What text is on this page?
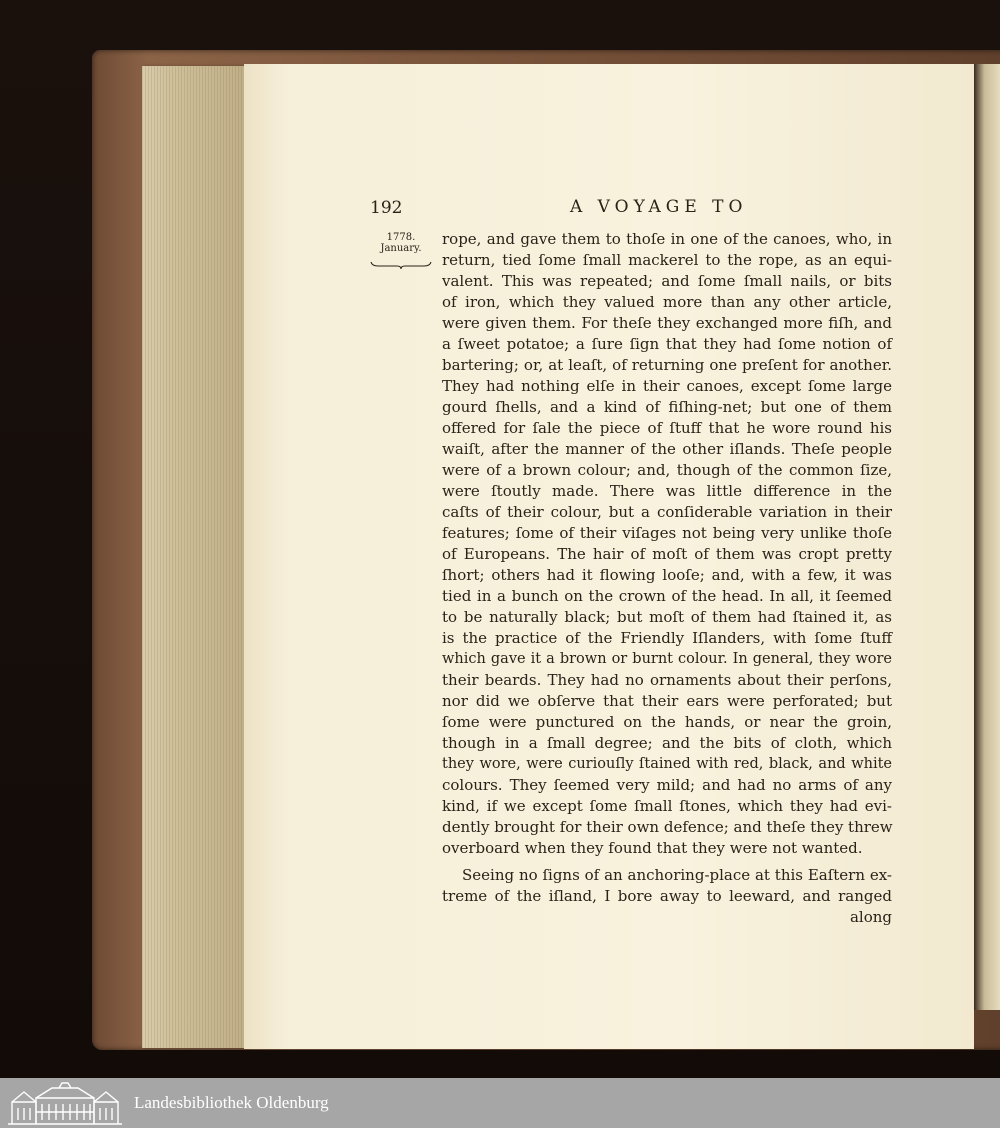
192	A VOYAGE TO
1778.
January.
rope, and gave them to thoſe in one of the canoes, who, in
return, tied ſome ſmall mackerel to the rope, as an equi-
valent. This was repeated; and ſome ſmall nails, or bits
of iron, which they valued more than any other article,
were given them. For theſe they exchanged more fiſh, and
a ſweet potatoe; a ſure ſign that they had ſome notion of
bartering; or, at leaſt, of returning one preſent for another.
They had nothing elſe in their canoes, except ſome large
gourd ſhells, and a kind of fiſhing-net; but one of them
offered for ſale the piece of ſtuff that he wore round his
waiſt, after the manner of the other iſlands. Theſe people
were of a brown colour; and, though of the common ſize,
were ſtoutly made. There was little difference in the
caſts of their colour, but a conſiderable variation in their
features; ſome of their viſages not being very unlike thoſe
of Europeans. The hair of moſt of them was cropt pretty
ſhort; others had it flowing looſe; and, with a few, it was
tied in a bunch on the crown of the head. In all, it ſeemed
to be naturally black; but moſt of them had ſtained it, as
is the practice of the Friendly Iſlanders, with ſome ſtuff
which gave it a brown or burnt colour. In general, they wore
their beards. They had no ornaments about their perſons,
nor did we obſerve that their ears were perforated; but
ſome were punctured on the hands, or near the groin,
though in a ſmall degree; and the bits of cloth, which
they wore, were curiouſly ſtained with red, black, and white
colours. They ſeemed very mild; and had no arms of any
kind, if we except ſome ſmall ſtones, which they had evi-
dently brought for their own defence; and theſe they threw
overboard when they found that they were not wanted.
Seeing no ſigns of an anchoring-place at this Eaſtern ex-
treme of the iſland, I bore away to leeward, and ranged
along
Landesbibliothek Oldenburg
